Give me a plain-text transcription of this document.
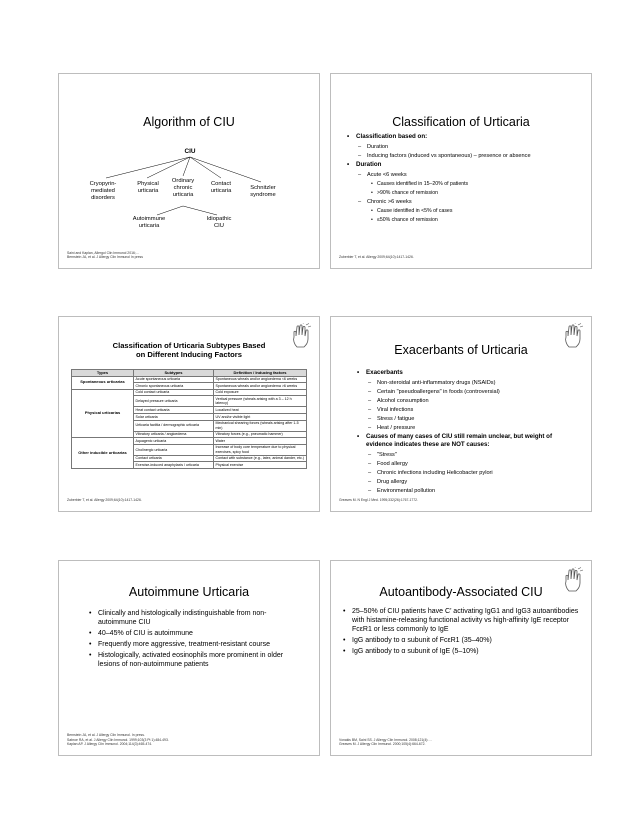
Algorithm of CIU
CIU
Cryopyrin-mediated disorders
Physical urticaria
Ordinary chronic urticaria
Contact urticaria	Schnitzler syndrome
Autoimmune urticaria
Idiopathic CIU
Saini and Kaplan, Allergol Clin Immunol 2016;…
Bernstein JA, et al. J Allergy Clin Immunol In press
Classification of Urticaria
• Classification based on:
– Duration
– Inducing factors (induced vs spontaneous) – presence or absence
• Duration
– Acute <6 weeks
• Causes identified in 15–20% of patients
• >90% chance of remission
– Chronic >6 weeks
• Cause identified in <5% of cases
• ≤50% chance of remission
Zuberbier T, et al. Allergy 2009;64(10):1417-1426.
Classification of Urticaria Subtypes Based on Different Inducing Factors
Types	Subtypes	Definition / Inducing factors
Spontaneous urticarias	Acute spontaneous urticaria	Spontaneous wheals and/or angioedema <6 weeks
	Chronic spontaneous urticaria	Spontaneous wheals and/or angioedema >6 weeks
Physical urticarias	Cold contact urticaria	Cold exposure
	Delayed pressure urticaria	Vertical pressure (wheals arising with a 3 – 12 h latency)
	Heat contact urticaria	Localized heat
	Solar urticaria	UV and/or visible light
	Urticaria factitia / dermographic urticaria	Mechanical shearing forces (wheals arising after 1-5 min)
	Vibratory urticaria / angioedema	Vibratory forces (e.g., pneumatic hammer)
Other inducible urticarias	Aquagenic urticaria	Water
	Cholinergic urticaria	Increase of body core temperature due to physical exercises, spicy food
	Contact urticaria	Contact with substance (e.g., latex, animal dander, etc.)
	Exercise-induced anaphylaxis / urticaria	Physical exercise
Zuberbier T, et al. Allergy 2009;64(10):1417-1426.
Exacerbants of Urticaria
• Exacerbants
– Non-steroidal anti-inflammatory drugs (NSAIDs)
– Certain "pseudoallergens" in foods (controversial)
– Alcohol consumption
– Viral infections
– Stress / fatigue
– Heat / pressure
• Causes of many cases of CIU still remain unclear, but weight of evidence indicates these are NOT causes:
– "Stress"
– Food allergy
– Chronic infections including Helicobacter pylori
– Drug allergy
– Environmental pollution
Greaves M. N Engl J Med. 1995;332(26):1767-1772.
Autoimmune Urticaria
• Clinically and histologically indistinguishable from non-autoimmune CIU
• 40–45% of CIU is autoimmune
• Frequently more aggressive, treatment-resistant course
• Histologically, activated eosinophils more prominent in older lesions of non-autoimmune patients
Bernstein JA, et al. J Allergy Clin Immunol. In press.
Sabroe RA, et al. J Allergy Clin Immunol. 1999;103(3 Pt 1):484-493.
Kaplan AP. J Allergy Clin Immunol. 2004;114(3):465-474.
Autoantibody-Associated CIU
• 25–50% of CIU patients have C’ activating IgG1 and IgG3 autoantibodies with histamine-releasing functional activity vs high-affinity IgE receptor FcεR1 or less commonly to IgE
• IgG antibody to α subunit of FcεR1 (35–40%)
• IgG antibody to α subunit of IgE (5–10%)
Vonakis BM, Saini SS. J Allergy Clin Immunol. 2008;121(4):…
Greaves M. J Allergy Clin Immunol. 2000;105(4):664-672.
